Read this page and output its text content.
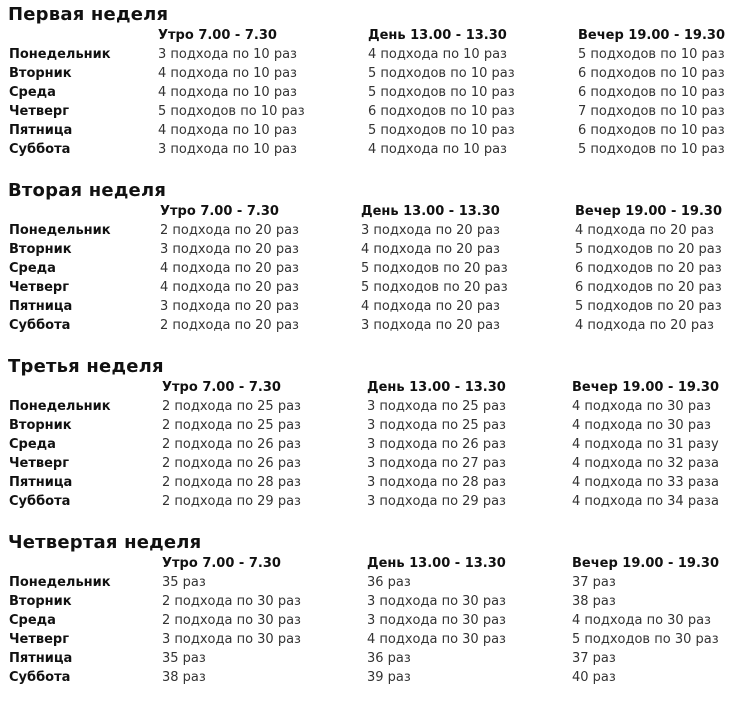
Первая неделя
Утро 7.00 - 7.30	День 13.00 - 13.30	Вечер 19.00 - 19.30
Понедельник	3 подхода по 10 раз	4 подхода по 10 раз	5 подходов по 10 раз
Вторник	4 подхода по 10 раз	5 подходов по 10 раз	6 подходов по 10 раз
Среда	4 подхода по 10 раз	5 подходов по 10 раз	6 подходов по 10 раз
Четверг	5 подходов по 10 раз	6 подходов по 10 раз	7 подходов по 10 раз
Пятница	4 подхода по 10 раз	5 подходов по 10 раз	6 подходов по 10 раз
Суббота	3 подхода по 10 раз	4 подхода по 10 раз	5 подходов по 10 раз
Вторая неделя
Утро 7.00 - 7.30	День 13.00 - 13.30	Вечер 19.00 - 19.30
Понедельник	2 подхода по 20 раз	3 подхода по 20 раз	4 подхода по 20 раз
Вторник	3 подхода по 20 раз	4 подхода по 20 раз	5 подходов по 20 раз
Среда	4 подхода по 20 раз	5 подходов по 20 раз	6 подходов по 20 раз
Четверг	4 подхода по 20 раз	5 подходов по 20 раз	6 подходов по 20 раз
Пятница	3 подхода по 20 раз	4 подхода по 20 раз	5 подходов по 20 раз
Суббота	2 подхода по 20 раз	3 подхода по 20 раз	4 подхода по 20 раз
Третья неделя
Утро 7.00 - 7.30	День 13.00 - 13.30	Вечер 19.00 - 19.30
Понедельник	2 подхода по 25 раз	3 подхода по 25 раз	4 подхода по 30 раз
Вторник	2 подхода по 25 раз	3 подхода по 25 раз	4 подхода по 30 раз
Среда	2 подхода по 26 раз	3 подхода по 26 раз	4 подхода по 31 разу
Четверг	2 подхода по 26 раз	3 подхода по 27 раз	4 подхода по 32 раза
Пятница	2 подхода по 28 раз	3 подхода по 28 раз	4 подхода по 33 раза
Суббота	2 подхода по 29 раз	3 подхода по 29 раз	4 подхода по 34 раза
Четвертая неделя
Утро 7.00 - 7.30	День 13.00 - 13.30	Вечер 19.00 - 19.30
Понедельник	35 раз	36 раз	37 раз
Вторник	2 подхода по 30 раз	3 подхода по 30 раз	38 раз
Среда	2 подхода по 30 раз	3 подхода по 30 раз	4 подхода по 30 раз
Четверг	3 подхода по 30 раз	4 подхода по 30 раз	5 подходов по 30 раз
Пятница	35 раз	36 раз	37 раз
Суббота	38 раз	39 раз	40 раз
